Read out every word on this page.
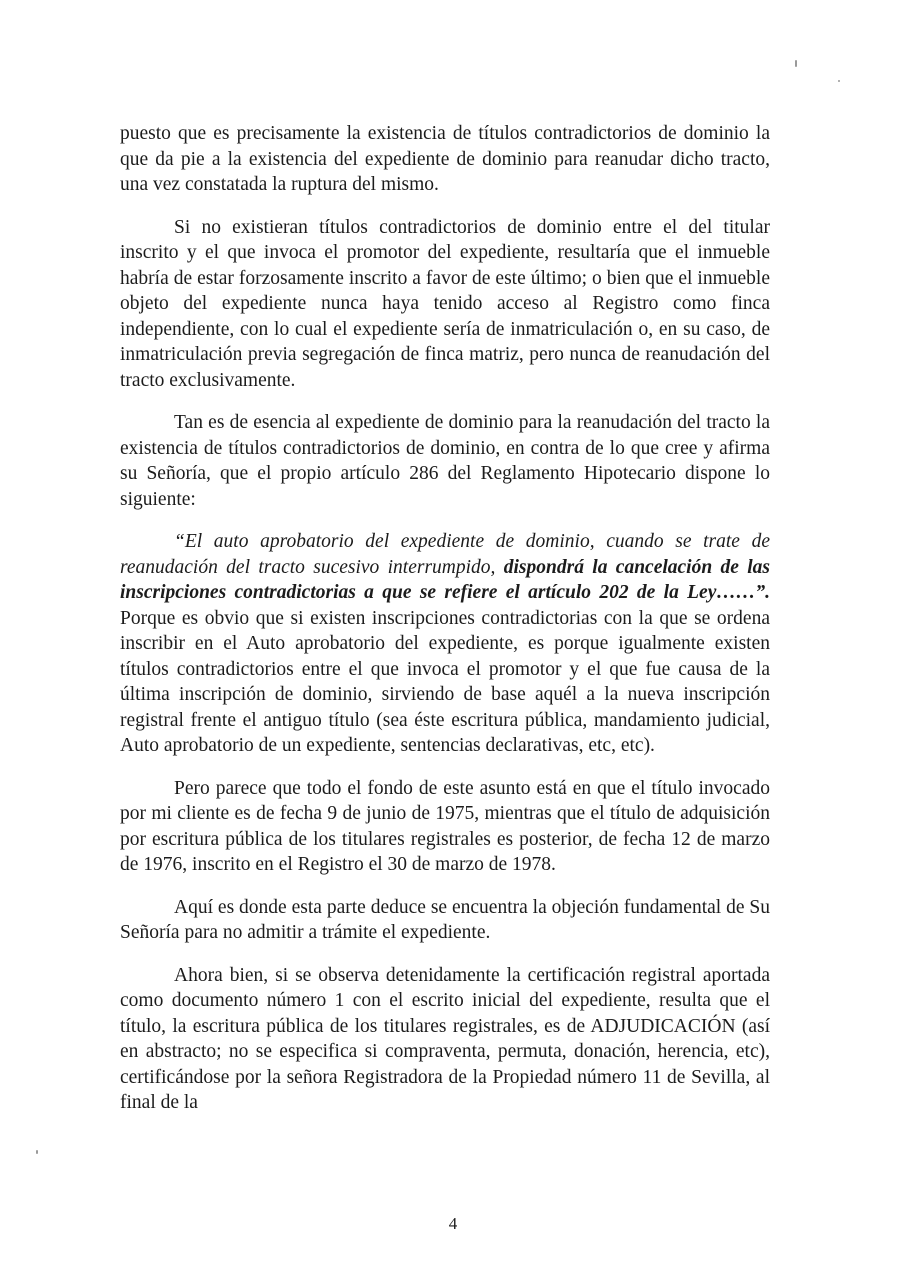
puesto que es precisamente la existencia de títulos contradictorios de dominio la que da pie a la existencia del expediente de dominio para reanudar dicho tracto, una vez constatada la ruptura del mismo.

Si no existieran títulos contradictorios de dominio entre el del titular inscrito y el que invoca el promotor del expediente, resultaría que el inmueble habría de estar forzosamente inscrito a favor de este último; o bien que el inmueble objeto del expediente nunca haya tenido acceso al Registro como finca independiente, con lo cual el expediente sería de inmatriculación o, en su caso, de inmatriculación previa segregación de finca matriz, pero nunca de reanudación del tracto exclusivamente.

Tan es de esencia al expediente de dominio para la reanudación del tracto la existencia de títulos contradictorios de dominio, en contra de lo que cree y afirma su Señoría, que el propio artículo 286 del Reglamento Hipotecario dispone lo siguiente:

“El auto aprobatorio del expediente de dominio, cuando se trate de reanudación del tracto sucesivo interrumpido, dispondrá la cancelación de las inscripciones contradictorias a que se refiere el artículo 202 de la Ley……”. Porque es obvio que si existen inscripciones contradictorias con la que se ordena inscribir en el Auto aprobatorio del expediente, es porque igualmente existen títulos contradictorios entre el que invoca el promotor y el que fue causa de la última inscripción de dominio, sirviendo de base aquél a la nueva inscripción registral frente el antiguo título (sea éste escritura pública, mandamiento judicial, Auto aprobatorio de un expediente, sentencias declarativas, etc, etc).

Pero parece que todo el fondo de este asunto está en que el título invocado por mi cliente es de fecha 9 de junio de 1975, mientras que el título de adquisición por escritura pública de los titulares registrales es posterior, de fecha 12 de marzo de 1976, inscrito en el Registro el 30 de marzo de 1978.

Aquí es donde esta parte deduce se encuentra la objeción fundamental de Su Señoría para no admitir a trámite el expediente.

Ahora bien, si se observa detenidamente la certificación registral aportada como documento número 1 con el escrito inicial del expediente, resulta que el título, la escritura pública de los titulares registrales, es de ADJUDICACIÓN (así en abstracto; no se especifica si compraventa, permuta, donación, herencia, etc), certificándose por la señora Registradora de la Propiedad número 11 de Sevilla, al final de la

4
